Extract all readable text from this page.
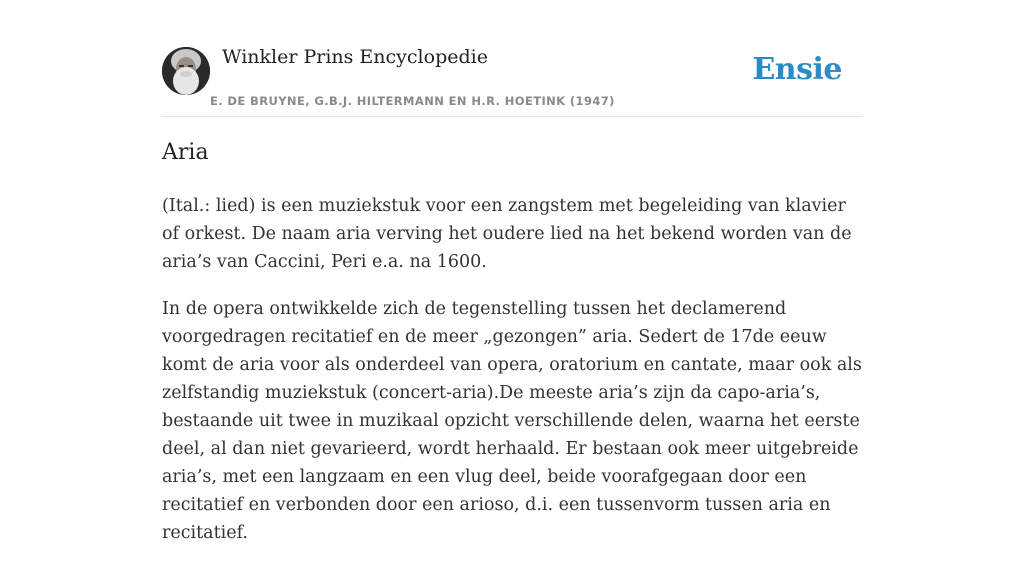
Winkler Prins Encyclopedie
E. DE BRUYNE, G.B.J. HILTERMANN EN H.R. HOETINK (1947)
Ensie
Aria

(Ital.: lied) is een muziekstuk voor een zangstem met begeleiding van klavier of orkest. De naam aria verving het oudere lied na het bekend worden van de aria’s van Caccini, Peri e.a. na 1600.

In de opera ontwikkelde zich de tegenstelling tussen het declamerend voorgedragen recitatief en de meer „gezongen” aria. Sedert de 17de eeuw komt de aria voor als onderdeel van opera, oratorium en cantate, maar ook als zelfstandig muziekstuk (concert-aria).De meeste aria’s zijn da capo-aria’s, bestaande uit twee in muzikaal opzicht verschillende delen, waarna het eerste deel, al dan niet gevarieerd, wordt herhaald. Er bestaan ook meer uitgebreide aria’s, met een langzaam en een vlug deel, beide voorafgegaan door een recitatief en verbonden door een arioso, d.i. een tussenvorm tussen aria en recitatief.
